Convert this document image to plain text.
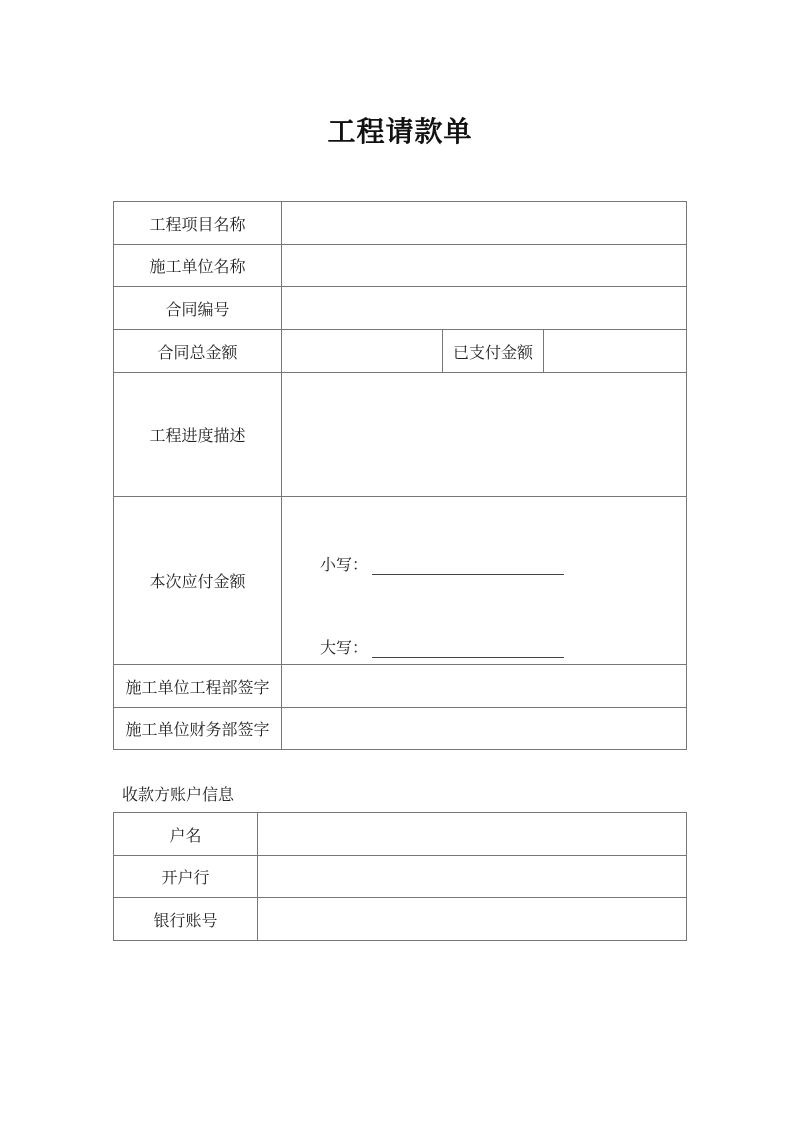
工程请款单
工程项目名称			
施工单位名称			
合同编号			
合同总金额		已支付金额	
工程进度描述			
本次应付金额	小写：
大写：		

施工单位工程部签字			
施工单位财务部签字			
收款方账户信息
户名	
开户行	
银行账号	
